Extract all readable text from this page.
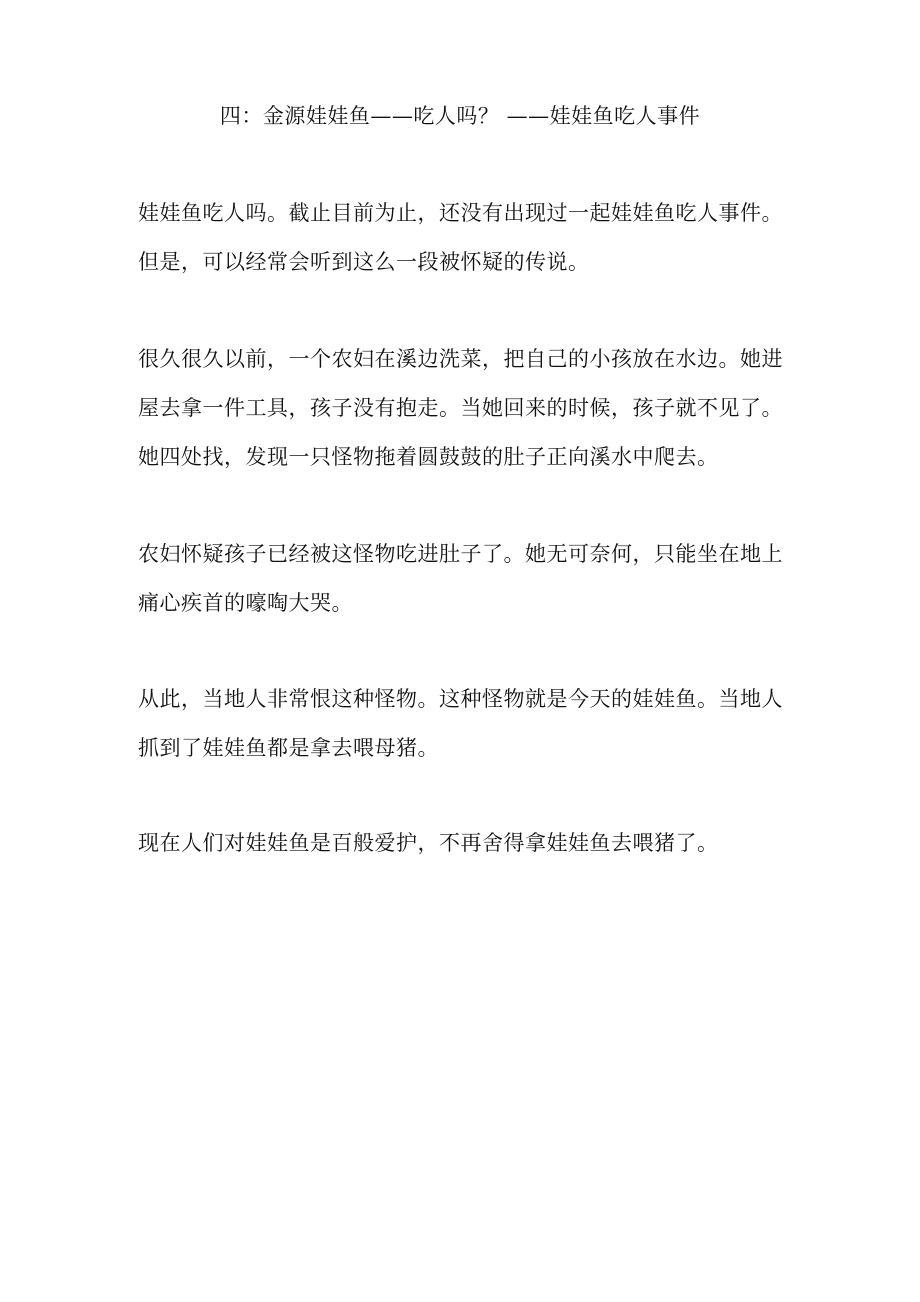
四：金源娃娃鱼——吃人吗？ ——娃娃鱼吃人事件
娃娃鱼吃人吗。截止目前为止，还没有出现过一起娃娃鱼吃人事件。
但是，可以经常会听到这么一段被怀疑的传说。
很久很久以前，一个农妇在溪边洗菜，把自己的小孩放在水边。她进
屋去拿一件工具，孩子没有抱走。当她回来的时候，孩子就不见了。
她四处找，发现一只怪物拖着圆鼓鼓的肚子正向溪水中爬去。
农妇怀疑孩子已经被这怪物吃进肚子了。她无可奈何，只能坐在地上
痛心疾首的嚎啕大哭。
从此，当地人非常恨这种怪物。这种怪物就是今天的娃娃鱼。当地人
抓到了娃娃鱼都是拿去喂母猪。
现在人们对娃娃鱼是百般爱护，不再舍得拿娃娃鱼去喂猪了。
